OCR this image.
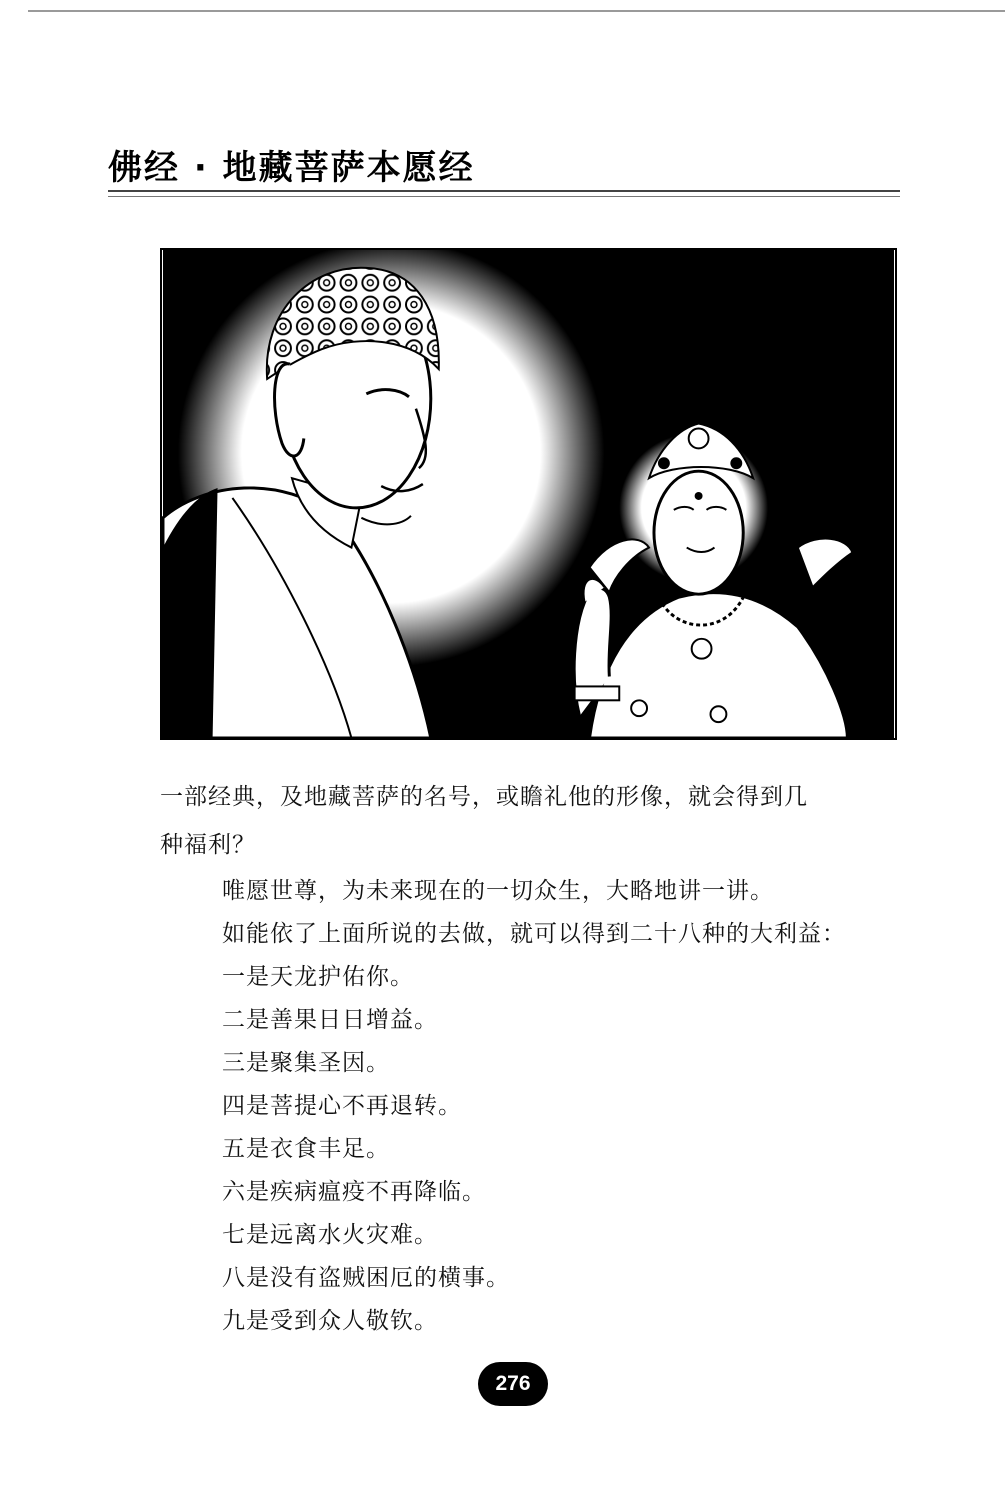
佛经 · 地藏菩萨本愿经
一部经典，及地藏菩萨的名号，或瞻礼他的形像，就会得到几
种福利？
唯愿世尊，为未来现在的一切众生，大略地讲一讲。
如能依了上面所说的去做，就可以得到二十八种的大利益：
一是天龙护佑你。
二是善果日日增益。
三是聚集圣因。
四是菩提心不再退转。
五是衣食丰足。
六是疾病瘟疫不再降临。
七是远离水火灾难。
八是没有盗贼困厄的横事。
九是受到众人敬钦。
276
